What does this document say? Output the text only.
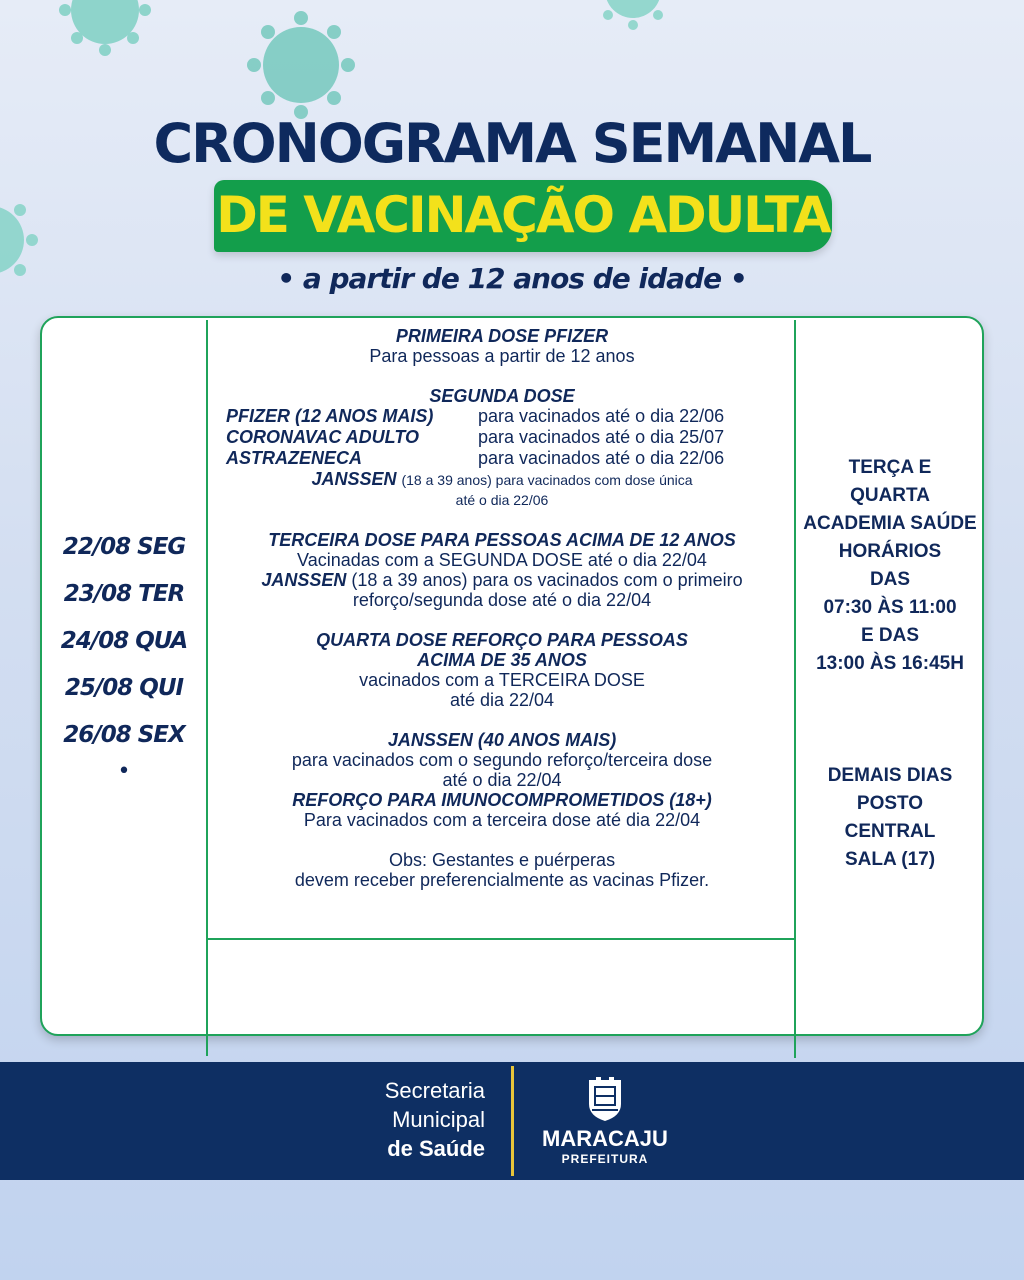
CRONOGRAMA SEMANAL
DE VACINAÇÃO ADULTA
• a partir de 12 anos de idade •
22/08 SEG
23/08 TER
24/08 QUA
25/08 QUI
26/08 SEX
•
PRIMEIRA DOSE PFIZER
Para pessoas a partir de 12 anos
SEGUNDA DOSE
PFIZER (12 ANOS MAIS)	para vacinados até o dia 22/06
CORONAVAC ADULTO	para vacinados até o dia 25/07
ASTRAZENECA	para vacinados até o dia 22/06
JANSSEN (18 a 39 anos) para vacinados com dose única
até o dia 22/06
TERCEIRA DOSE PARA PESSOAS ACIMA DE 12 ANOS
Vacinadas com a SEGUNDA DOSE até o dia 22/04
JANSSEN (18 a 39 anos) para os vacinados com o primeiro
reforço/segunda dose até o dia 22/04
QUARTA DOSE REFORÇO PARA PESSOAS
ACIMA DE 35 ANOS
vacinados com a TERCEIRA DOSE
até dia 22/04
JANSSEN (40 ANOS MAIS)
para vacinados com o segundo reforço/terceira dose
até o dia 22/04
REFORÇO PARA IMUNOCOMPROMETIDOS (18+)
Para vacinados com a terceira dose até dia 22/04
Obs: Gestantes e puérperas
devem receber preferencialmente as vacinas Pfizer.
TERÇA E
QUARTA
ACADEMIA SAÚDE
HORÁRIOS
DAS
07:30 ÀS 11:00
E DAS
13:00 ÀS 16:45H
DEMAIS DIAS
POSTO
CENTRAL
SALA (17)
Secretaria
Municipal
de Saúde	MARACAJU
PREFEITURA
